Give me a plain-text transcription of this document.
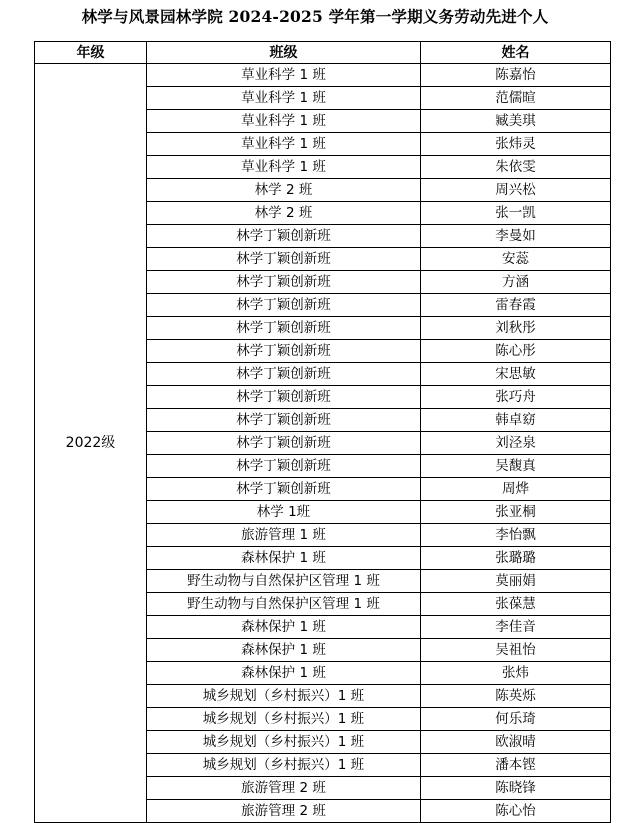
林学与风景园林学院 2024-2025 学年第一学期义务劳动先进个人
年级	班级	姓名
2022级	草业科学 1 班	陈嘉怡
	草业科学 1 班	范儒暄
	草业科学 1 班	臧美琪
	草业科学 1 班	张炜灵
	草业科学 1 班	朱依雯
	林学 2 班	周兴松
	林学 2 班	张一凯
	林学丁颖创新班	李曼如
	林学丁颖创新班	安蕊
	林学丁颖创新班	方涵
	林学丁颖创新班	雷春霞
	林学丁颖创新班	刘秋彤
	林学丁颖创新班	陈心彤
	林学丁颖创新班	宋思敏
	林学丁颖创新班	张巧舟
	林学丁颖创新班	韩卓窈
	林学丁颖创新班	刘泾泉
	林学丁颖创新班	吴馥真
	林学丁颖创新班	周烨
	林学 1班	张亚桐
	旅游管理 1 班	李怡飘
	森林保护 1 班	张璐璐
	野生动物与自然保护区管理 1 班	莫丽娟
	野生动物与自然保护区管理 1 班	张葆慧
	森林保护 1 班	李佳音
	森林保护 1 班	吴祖怡
	森林保护 1 班	张炜
	城乡规划（乡村振兴）1 班	陈英烁
	城乡规划（乡村振兴）1 班	何乐琦
	城乡规划（乡村振兴）1 班	欧淑晴
	城乡规划（乡村振兴）1 班	潘本铿
	旅游管理 2 班	陈晓锋
	旅游管理 2 班	陈心怡
